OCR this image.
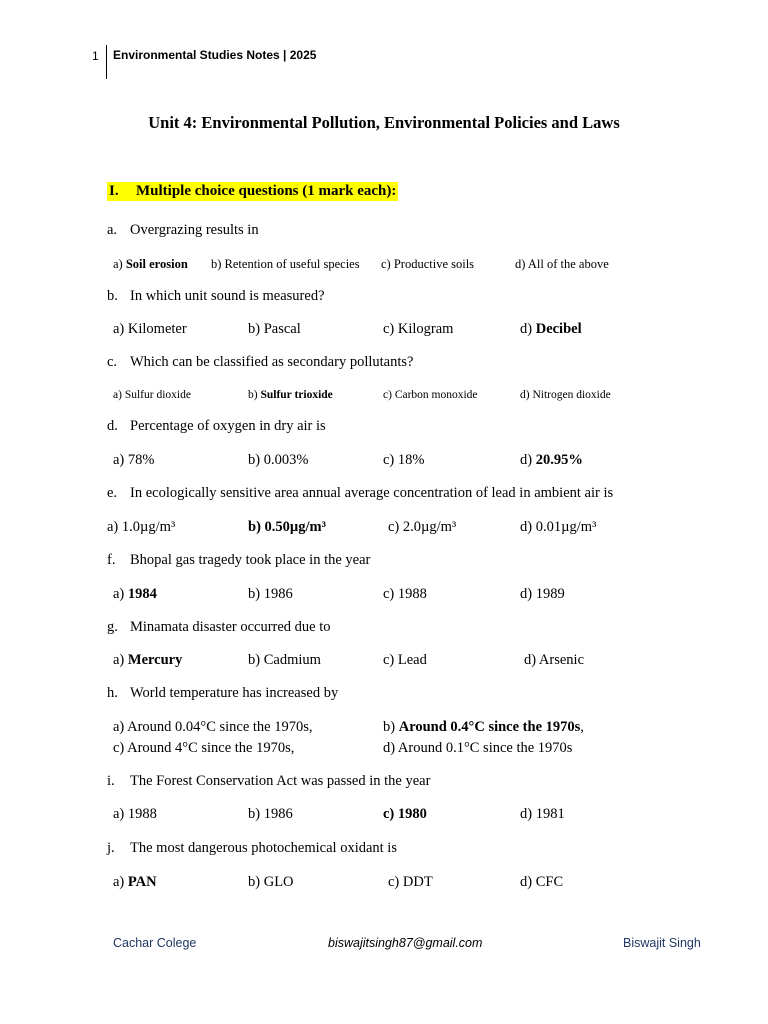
1 Environmental Studies Notes | 2025
Unit 4: Environmental Pollution, Environmental Policies and Laws
I. Multiple choice questions (1 mark each):
a. Overgrazing results in
a) Soil erosion b) Retention of useful species c) Productive soils	d) All of the above
b. In which unit sound is measured?
a) Kilometer	b) Pascal	c) Kilogram	d) Decibel
c. Which can be classified as secondary pollutants?
a) Sulfur dioxide	b) Sulfur trioxide	c) Carbon monoxide	d) Nitrogen dioxide
d. Percentage of oxygen in dry air is
a) 78%	b) 0.003%	c) 18%	d) 20.95%
e. In ecologically sensitive area annual average concentration of lead in ambient air is
a) 1.0µg/m³	b) 0.50µg/m³	c) 2.0µg/m³	d) 0.01µg/m³
f. Bhopal gas tragedy took place in the year
a) 1984	b) 1986	c) 1988	d) 1989
g. Minamata disaster occurred due to
a) Mercury	b) Cadmium	c) Lead	d) Arsenic
h. World temperature has increased by
a) Around 0.04°C since the 1970s,	b) Around 0.4°C since the 1970s,
c) Around 4°C since the 1970s,	d) Around 0.1°C since the 1970s
i. The Forest Conservation Act was passed in the year
a) 1988	b) 1986	c) 1980	d) 1981
j. The most dangerous photochemical oxidant is
a) PAN	b) GLO	c) DDT	d) CFC
Cachar Colege	biswajitsingh87@gmail.com	Biswajit Singh
